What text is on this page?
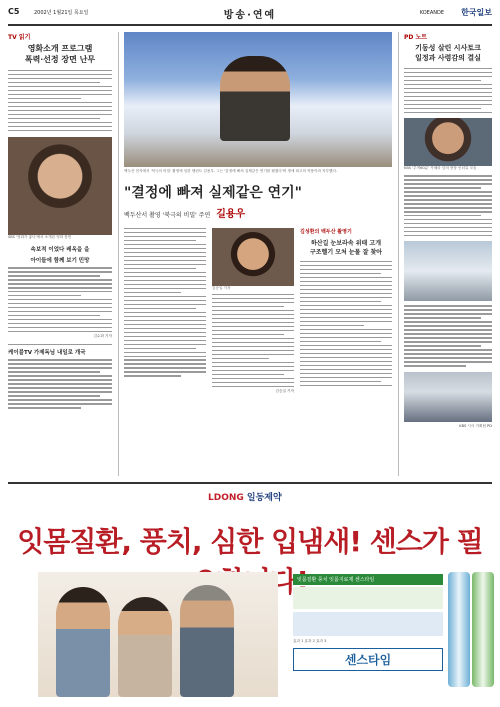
C5	2002년 1월21일 목요일	방송·연예	KOEANDE 한국일보
TV 읽기
영화소개 프로그램
폭력·선정 장면 난무
SBS '영화가 좋다'에서 소개된 영화 장면
속보적 이었다 레옥을 을
아이들에 함께 보기 민망
김수화 기자
케이블TV 가제독님 내일로 개국
백두산 천지에서 '북극의 비밀' 촬영에 임한 탤런트 길용우. 그는 '감정에 빠져 실제같은 연기를 펼쳤다'며 생애 최고의 작품이라 자부했다.
"결정에 빠져 실제같은 연기"
백두산서 촬영 '북극의 비밀' 주연 길용우
김승일 기자
김승일 기자
김성환의 백두산 촬영기
하산길 눈보라속 위태 고개
구조헬기 모처 눈물 잘 찾아
PD 노트
기동성 살린 시사토크
일정과 사령감의 결실
KBS '추적60분' 카메라 앞의 현장 인터뷰 모습
KBS 시사 기획팀 PD
LDONG 일동제약
잇몸질환, 풍치, 심한 입냄새! 센스가 필 다!
잇몸질환 풍치 잇몸지료제 센스타임
효과 1 효과 2 효과 3
센스타임
